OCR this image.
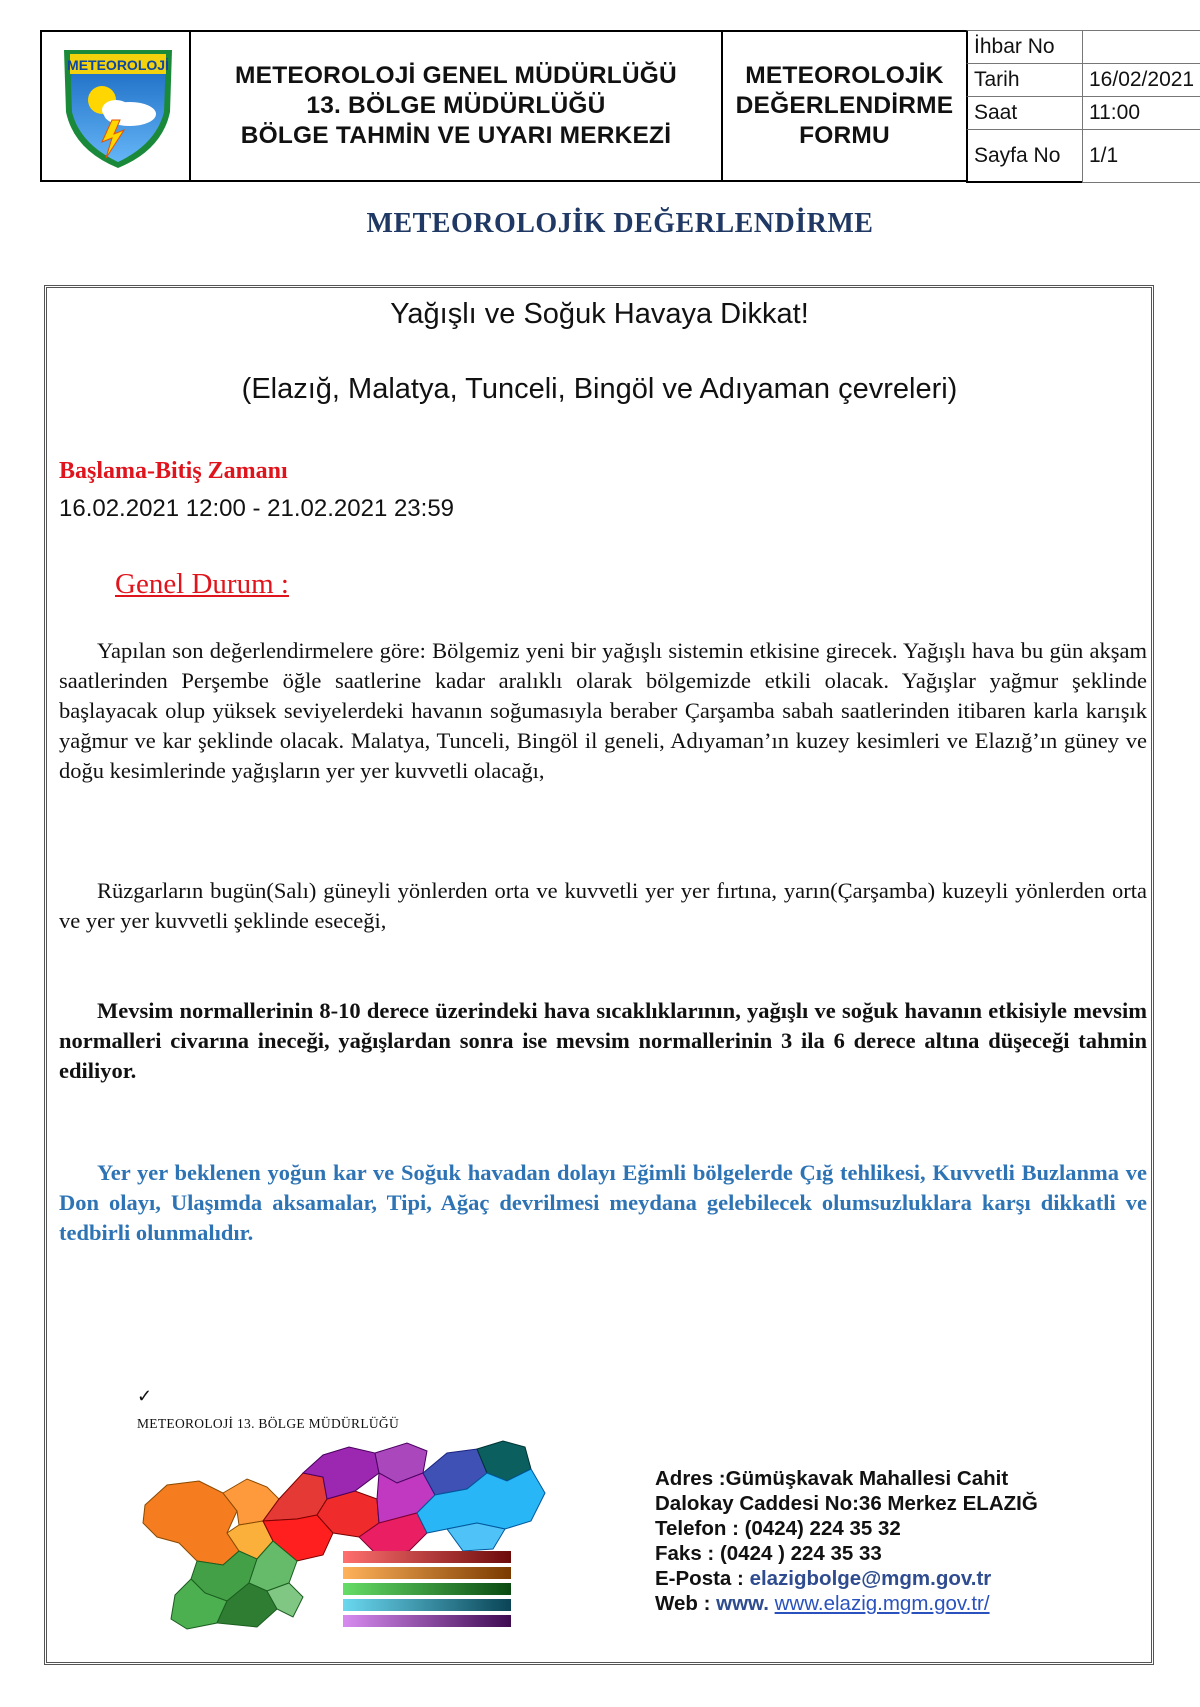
METEOROLOJİ	METEOROLOJİ GENEL MÜDÜRLÜĞÜ
13. BÖLGE MÜDÜRLÜĞÜ
BÖLGE TAHMİN VE UYARI MERKEZİ
METEOROLOJİK
DEĞERLENDİRME
FORMU
İhbar No
Tarih	16/02/2021
Saat	11:00
Sayfa No	1/1
METEOROLOJİK DEĞERLENDİRME
Yağışlı ve Soğuk Havaya Dikkat!
(Elazığ, Malatya, Tunceli, Bingöl ve Adıyaman çevreleri)
Başlama-Bitiş Zamanı
16.02.2021 12:00 - 21.02.2021 23:59
Genel Durum :
Yapılan son değerlendirmelere göre: Bölgemiz yeni bir yağışlı sistemin etkisine girecek. Yağışlı hava bu gün akşam saatlerinden Perşembe öğle saatlerine kadar aralıklı olarak bölgemizde etkili olacak. Yağışlar yağmur şeklinde başlayacak olup yüksek seviyelerdeki havanın soğumasıyla beraber Çarşamba sabah saatlerinden itibaren karla karışık yağmur ve kar şeklinde olacak. Malatya, Tunceli, Bingöl il geneli, Adıyaman’ın kuzey kesimleri ve Elazığ’ın güney ve doğu kesimlerinde yağışların yer yer kuvvetli olacağı,
Rüzgarların bugün(Salı) güneyli yönlerden orta ve kuvvetli yer yer fırtına, yarın(Çarşamba) kuzeyli yönlerden orta ve yer yer kuvvetli şeklinde eseceği,
Mevsim normallerinin 8-10 derece üzerindeki hava sıcaklıklarının, yağışlı ve soğuk havanın etkisiyle mevsim normalleri civarına ineceği, yağışlardan sonra ise mevsim normallerinin 3 ila 6 derece altına düşeceği tahmin ediliyor.
Yer yer beklenen yoğun kar ve Soğuk havadan dolayı Eğimli bölgelerde Çığ tehlikesi, Kuvvetli Buzlanma ve Don olayı, Ulaşımda aksamalar, Tipi, Ağaç devrilmesi meydana gelebilecek olumsuzluklara karşı dikkatli ve tedbirli olunmalıdır.
✓
METEOROLOJİ 13. BÖLGE MÜDÜRLÜĞÜ
Adres :Gümüşkavak Mahallesi Cahit
Dalokay Caddesi No:36 Merkez ELAZIĞ
Telefon : (0424) 224 35 32
Faks : (0424 ) 224 35 33
E-Posta : elazigbolge@mgm.gov.tr
Web : www. www.elazig.mgm.gov.tr/
